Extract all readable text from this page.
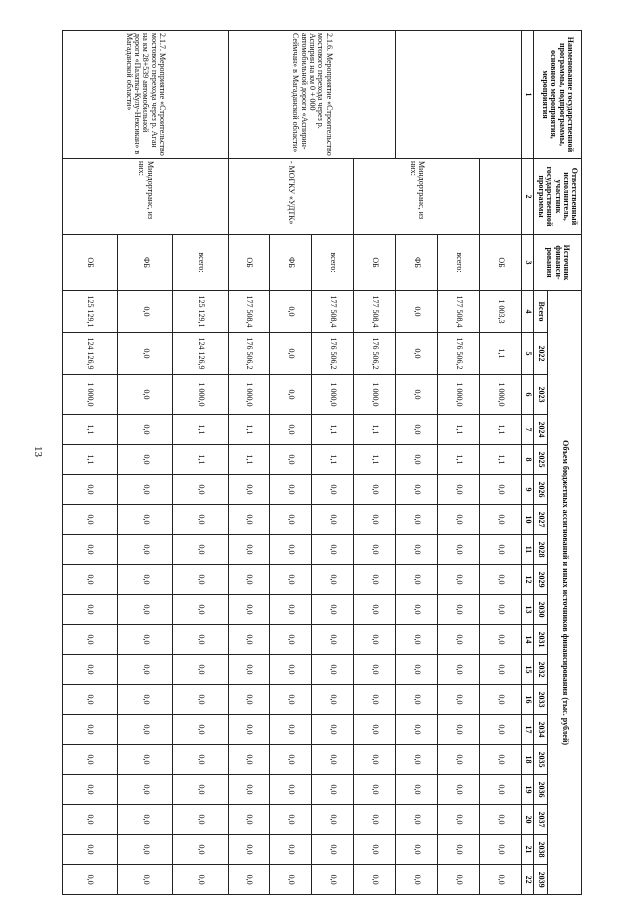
13
Наименование государственной программы, подпрограммы, основного мероприятия, мероприятия	Ответственный исполнитель, участник государственной программы	Источник финанси-рования	Объем бюджетных ассигнований и иных источников финансирования (тыс. рублей)																		
			Всего	2022	2023	2024	2025	2026	2027	2028	2029	2030	2031	2032	2033	2034	2035	2036	2037	2038	2039
1	2	3	4	5	6	7	8	9	10	11	12	13	14	15	16	17	18	19	20	21	22
		ОБ	1 003,3	1,1	1 000,0	1,1	1,1	0,0	0,0	0,0	0,0	0,0	0,0	0,0	0,0	0,0	0,0	0,0	0,0	0,0	0,0
	Миндортранс, из них:	всего:	177 508,4	176 506,2	1 000,0	1,1	1,1	0,0	0,0	0,0	0,0	0,0	0,0	0,0	0,0	0,0	0,0	0,0	0,0	0,0	0,0
		ФБ	0,0	0,0	0,0	0,0	0,0	0,0	0,0	0,0	0,0	0,0	0,0	0,0	0,0	0,0	0,0	0,0	0,0	0,0	0,0
2.1.6. Мероприятие «Строительство мостового перехода через р. Аспирин на км 0 + 000 автомобильной дороги «Аспирин-Сеймчан» в Магаданской области»		ОБ	177 508,4	176 506,2	1 000,0	1,1	1,1	0,0	0,0	0,0	0,0	0,0	0,0	0,0	0,0	0,0	0,0	0,0	0,0	0,0	0,0
	- МОГКУ «УДТК»	всего:	177 508,4	176 506,2	1 000,0	1,1	1,1	0,0	0,0	0,0	0,0	0,0	0,0	0,0	0,0	0,0	0,0	0,0	0,0	0,0	0,0
		ФБ	0,0	0,0	0,0	0,0	0,0	0,0	0,0	0,0	0,0	0,0	0,0	0,0	0,0	0,0	0,0	0,0	0,0	0,0	0,0
		ОБ	177 508,4	176 506,2	1 000,0	1,1	1,1	0,0	0,0	0,0	0,0	0,0	0,0	0,0	0,0	0,0	0,0	0,0	0,0	0,0	0,0
2.1.7. Мероприятие «Строительство мостового перехода через р. Аган на км 28+539 автомобильной дороги «Палатка-Кулу-Нексикан» в Магаданской области»	Миндортранс, из них:	всего:	125 129,1	124 126,9	1 000,0	1,1	1,1	0,0	0,0	0,0	0,0	0,0	0,0	0,0	0,0	0,0	0,0	0,0	0,0	0,0	0,0
		ФБ	0,0	0,0	0,0	0,0	0,0	0,0	0,0	0,0	0,0	0,0	0,0	0,0	0,0	0,0	0,0	0,0	0,0	0,0	0,0
		ОБ	125 129,1	124 126,9	1 000,0	1,1	1,1	0,0	0,0	0,0	0,0	0,0	0,0	0,0	0,0	0,0	0,0	0,0	0,0	0,0	0,0
